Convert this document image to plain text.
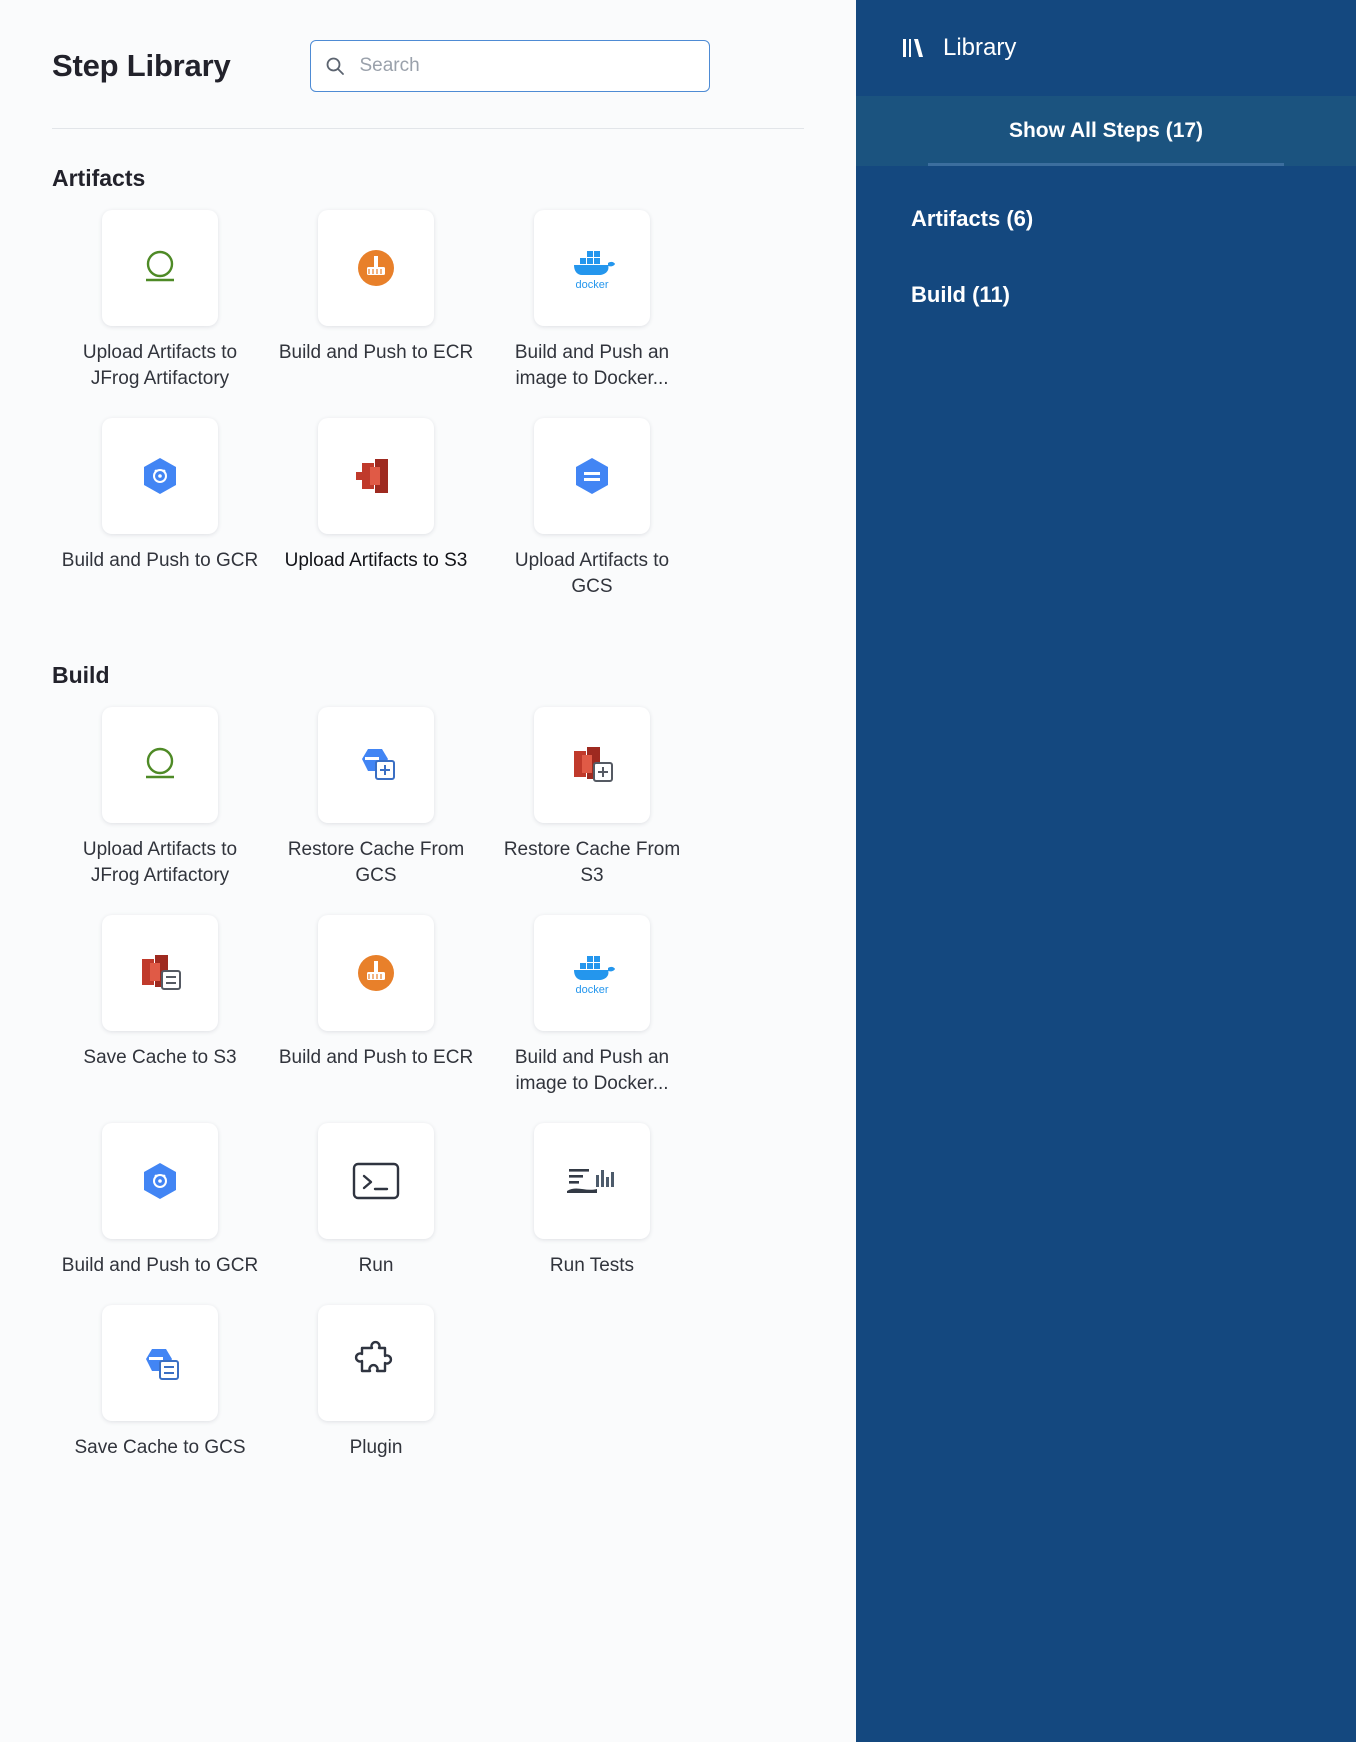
Step Library
Search
Artifacts
Upload Artifacts to JFrog Artifactory
Build and Push to ECR
docker
Build and Push an image to Docker...
Build and Push to GCR	Upload Artifacts to S3	Upload Artifacts to GCS
Build
Upload Artifacts to JFrog Artifactory
Restore Cache From GCS
Restore Cache From S3
Save Cache to S3	Build and Push to ECR
docker
Build and Push an image to Docker...
Build and Push to GCR	Run	Run Tests
Save Cache to GCS	Plugin
Library
Show All Steps (17)
Artifacts (6)
Build (11)
